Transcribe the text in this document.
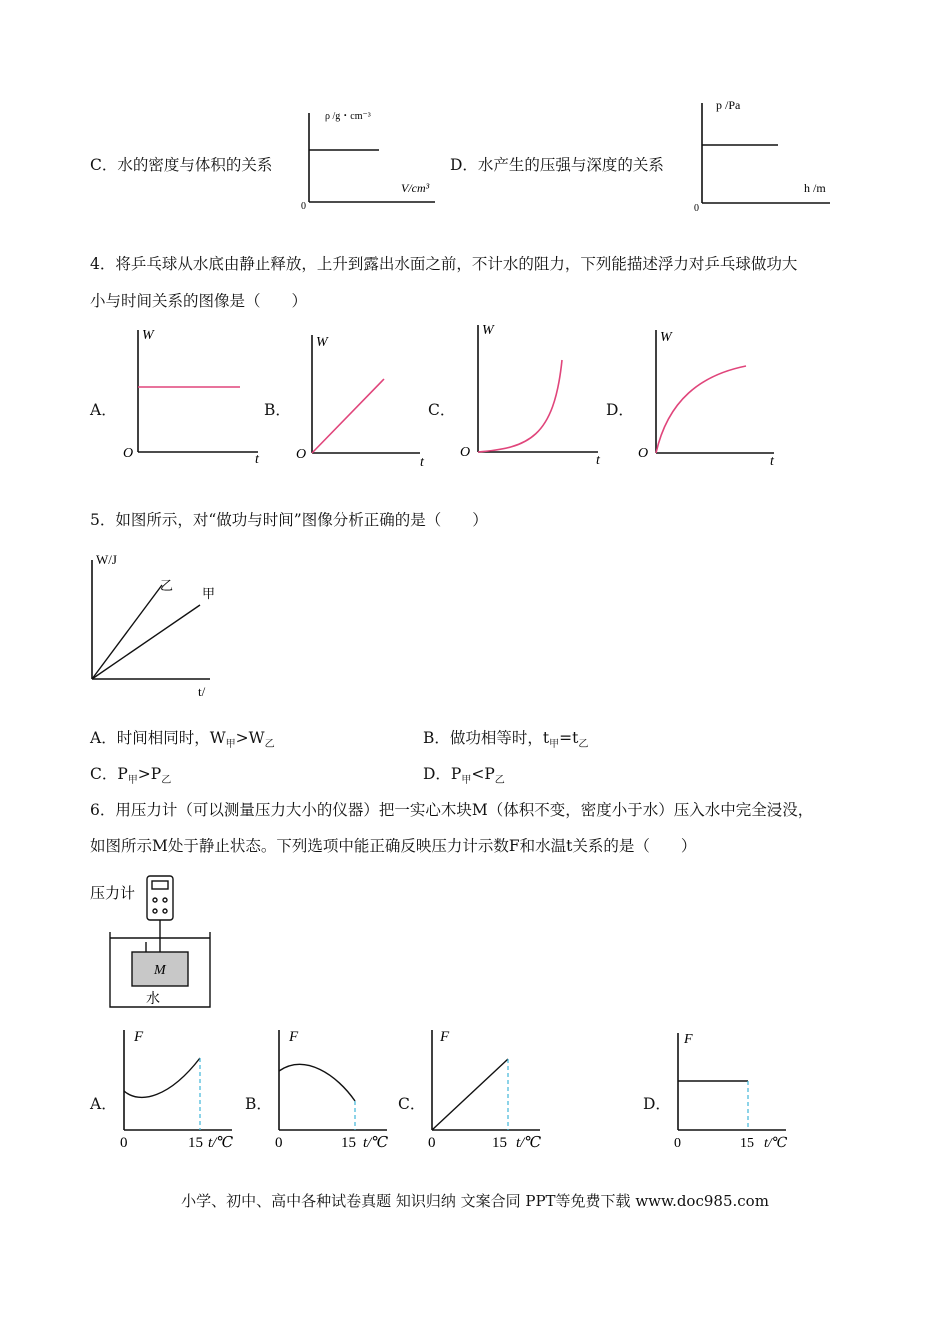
C．水的密度与体积的关系
ρ /g・cm⁻³
V/cm³
0
D．水产生的压强与深度的关系
p /Pa
h /m
0
4．将乒乓球从水底由静止释放，上升到露出水面之前，不计水的阻力，下列能描述浮力对乒乓球做功大
小与时间关系的图像是（　　）
A．
W
t
O
B．
W
t
O
C．
W
t
O
D．
W
t
O
5．如图所示，对“做功与时间”图像分析正确的是（　　）
W/J
乙
甲
t/
A．时间相同时，$W_甲>W_乙$	B．做功相等时，$t_甲=t_乙$
C．$P_甲>P_乙$	D．$P_甲<P_乙$
6．用压力计（可以测量压力大小的仪器）把一实心木块M（体积不变，密度小于水）压入水中完全浸没，
如图所示M处于静止状态。下列选项中能正确反映压力计示数F和水温t关系的是（　　）
压力计
M
水
A．
F
0	15 t/℃
B．
F
0	15 t/℃
C．
F
0	15 t/℃
D．
F
0	15 t/℃
小学、初中、高中各种试卷真题 知识归纳 文案合同 PPT等免费下载 www.doc985.com
